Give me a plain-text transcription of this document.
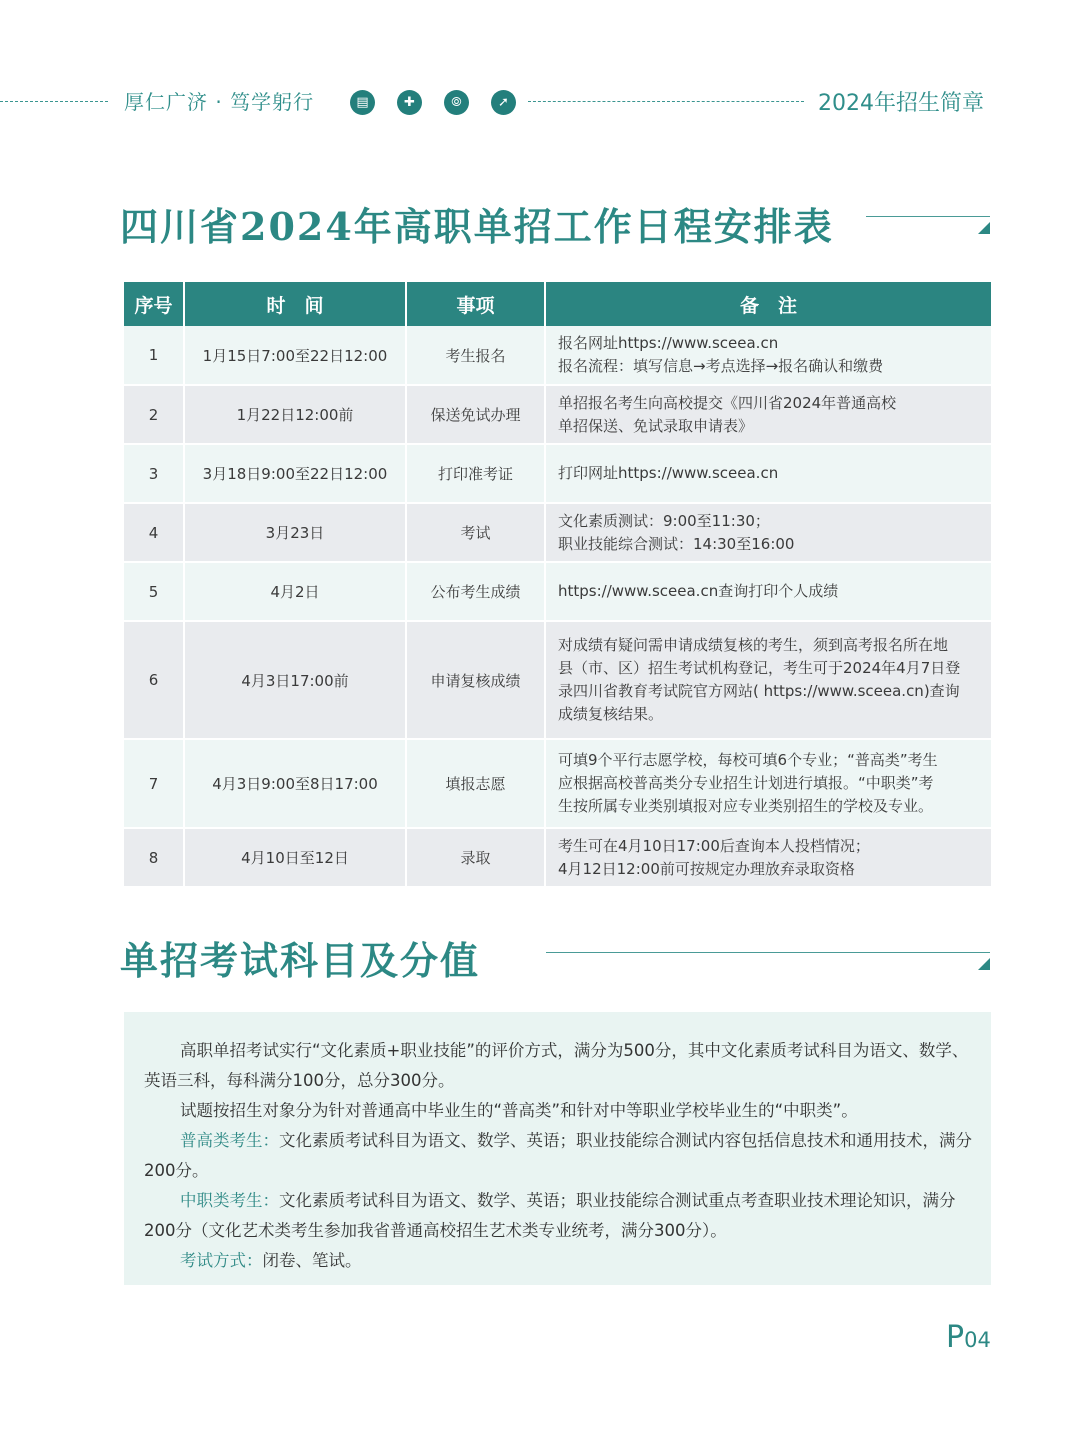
厚仁广济 · 笃学躬行	▤	✚	⦾	➚	2024年招生简章
四川省2024年高职单招工作日程安排表
序号	时　间	事项	备　注
1	1月15日7:00至22日12:00	考生报名	报名网址https://www.sceea.cn
报名流程：填写信息→考点选择→报名确认和缴费

2	1月22日12:00前	保送免试办理	单招报名考生向高校提交《四川省2024年普通高校
单招保送、免试录取申请表》

3	3月18日9:00至22日12:00	打印准考证	打印网址https://www.sceea.cn

4	3月23日	考试	文化素质测试：9:00至11:30；
职业技能综合测试：14:30至16:00

5	4月2日	公布考生成绩	https://www.sceea.cn查询打印个人成绩

6	4月3日17:00前	申请复核成绩	对成绩有疑问需申请成绩复核的考生，须到高考报名所在地
县（市、区）招生考试机构登记，考生可于2024年4月7日登
录四川省教育考试院官方网站( https://www.sceea.cn)查询
成绩复核结果。

7	4月3日9:00至8日17:00	填报志愿	可填9个平行志愿学校，每校可填6个专业；“普高类”考生
应根据高校普高类分专业招生计划进行填报。“中职类”考
生按所属专业类别填报对应专业类别招生的学校及专业。

8	4月10日至12日	录取	考生可在4月10日17:00后查询本人投档情况；
4月12日12:00前可按规定办理放弃录取资格
单招考试科目及分值

高职单招考试实行“文化素质+职业技能”的评价方式，满分为500分，其中文化素质考试科目为语文、数学、英语三科，每科满分100分，总分300分。

试题按招生对象分为针对普通高中毕业生的“普高类”和针对中等职业学校毕业生的“中职类”。

普高类考生：文化素质考试科目为语文、数学、英语；职业技能综合测试内容包括信息技术和通用技术，满分200分。

中职类考生：文化素质考试科目为语文、数学、英语；职业技能综合测试重点考查职业技术理论知识，满分200分（文化艺术类考生参加我省普通高校招生艺术类专业统考，满分300分）。

考试方式：闭卷、笔试。

P04
